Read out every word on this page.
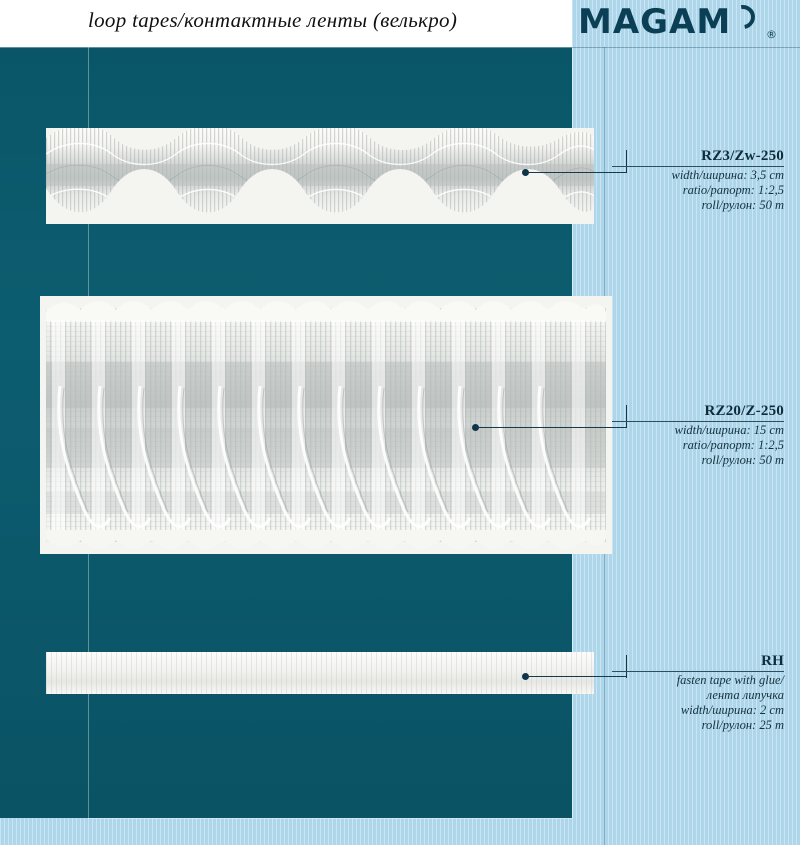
loop tapes/контактные ленты (велькро)	MAGAM	®
RZ3/Zw-250
width/ширина: 3,5 cm
ratio/рапорт: 1:2,5
roll/рулон: 50 m
RZ20/Z-250
width/ширина: 15 cm
ratio/рапорт: 1:2,5
roll/рулон: 50 m
RH
fasten tape with glue/
лента липучка
width/ширина: 2 cm
roll/рулон: 25 m
